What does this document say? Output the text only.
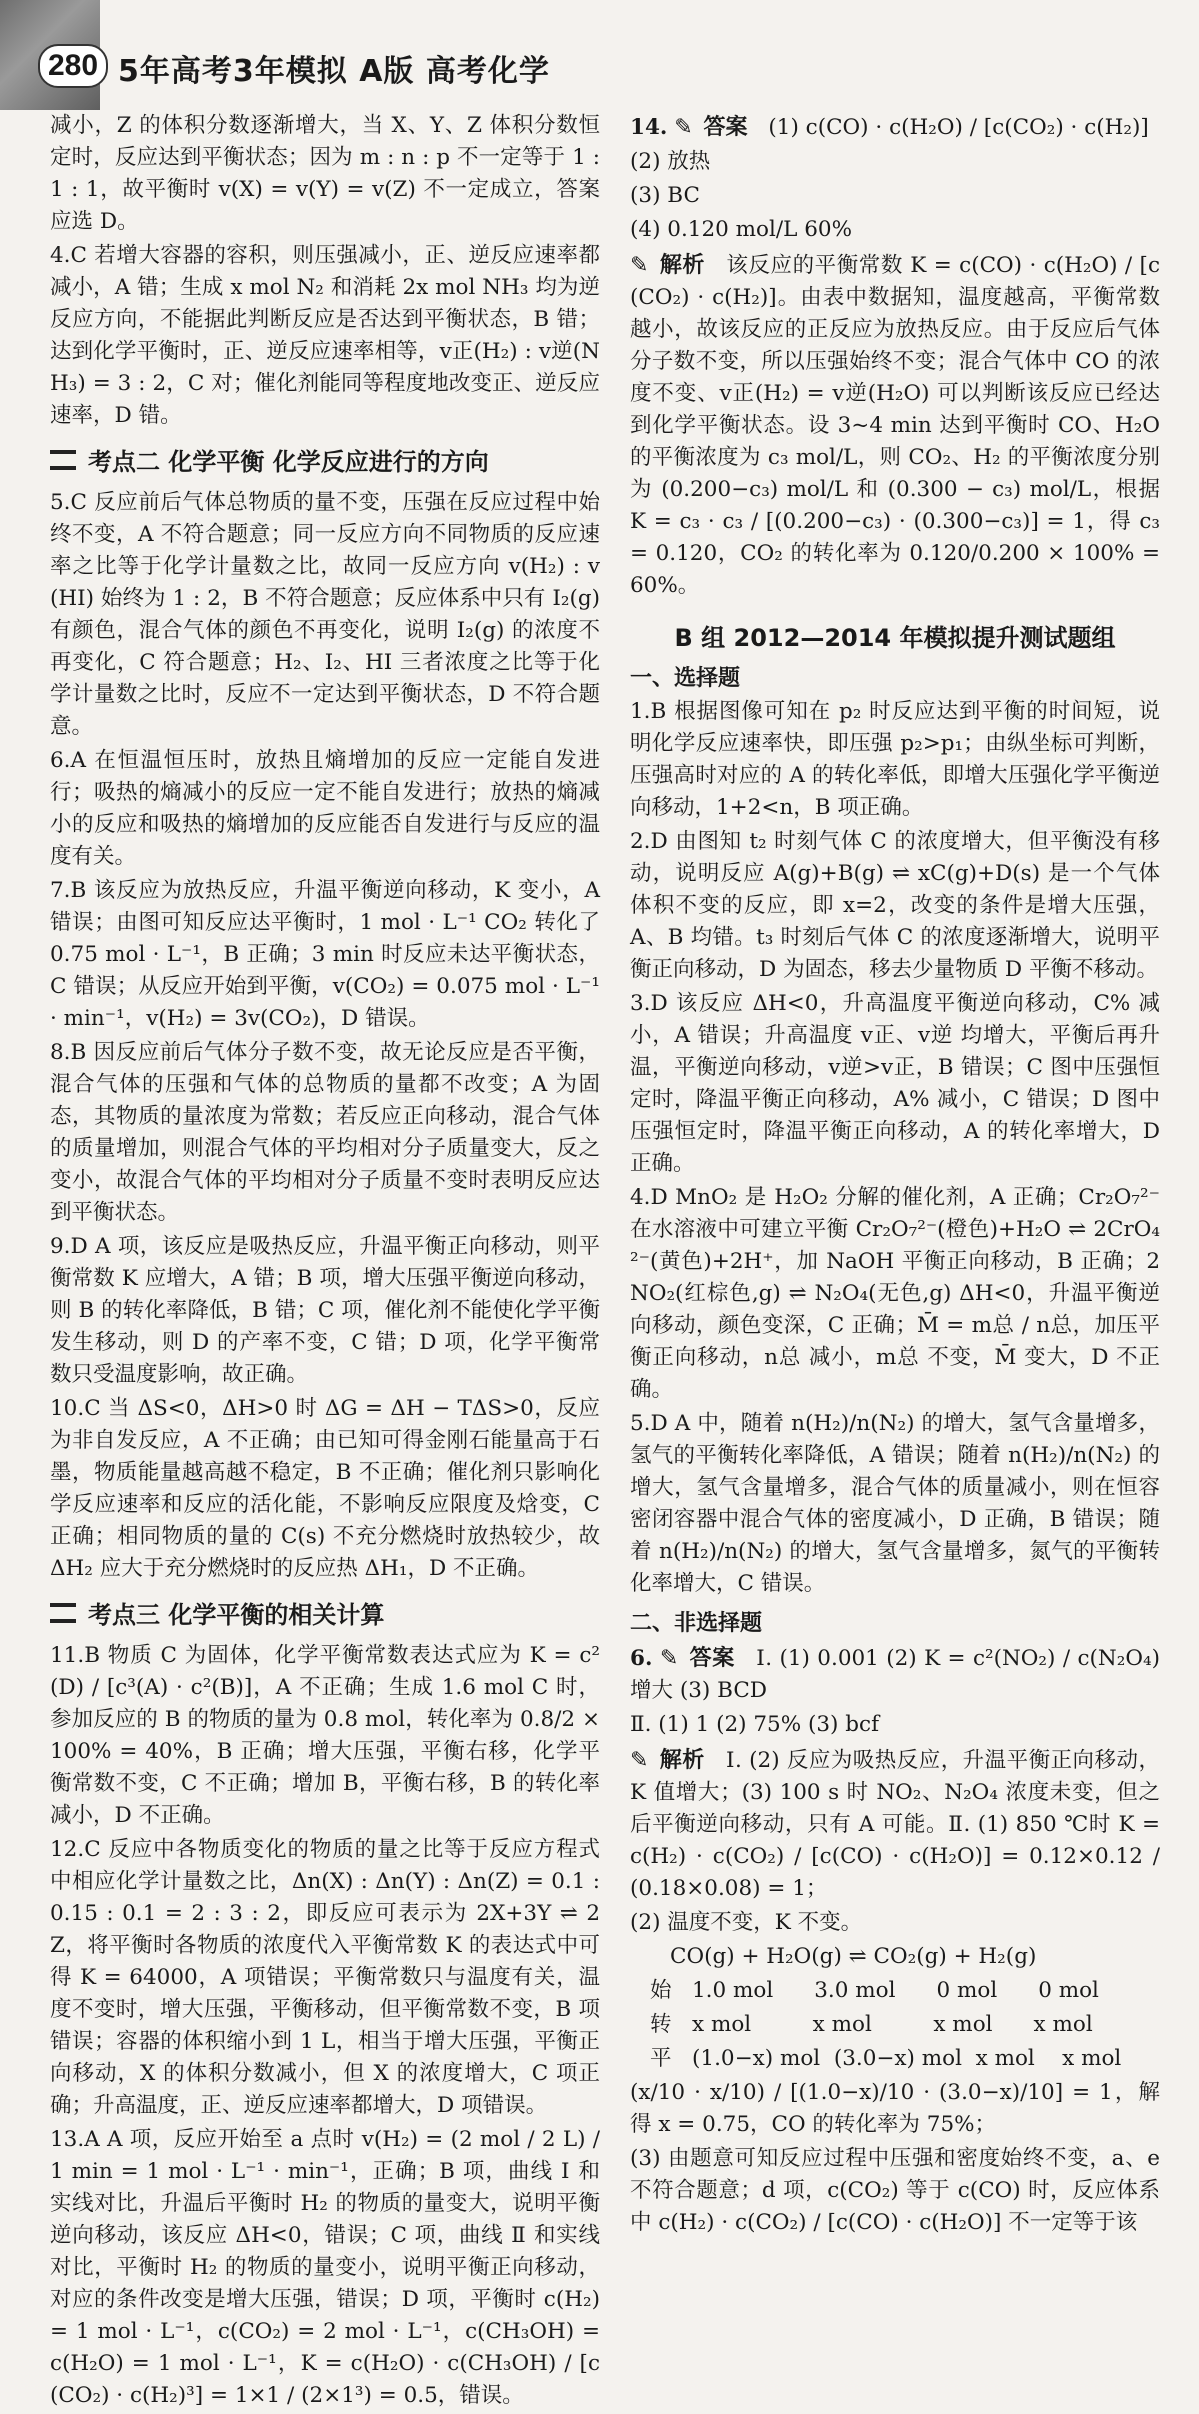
280 5年高考3年模拟 A版 高考化学

减小，Z 的体积分数逐渐增大，当 X、Y、Z 体积分数恒定时，反应达到平衡状态；因为 m : n : p 不一定等于 1 : 1 : 1，故平衡时 v(X) = v(Y) = v(Z) 不一定成立，答案应选 D。

4.C 若增大容器的容积，则压强减小，正、逆反应速率都减小，A 错；生成 x mol N₂ 和消耗 2x mol NH₃ 均为逆反应方向，不能据此判断反应是否达到平衡状态，B 错；达到化学平衡时，正、逆反应速率相等，v正(H₂) : v逆(NH₃) = 3 : 2，C 对；催化剂能同等程度地改变正、逆反应速率，D 错。

考点二 化学平衡 化学反应进行的方向

5.C 反应前后气体总物质的量不变，压强在反应过程中始终不变，A 不符合题意；同一反应方向不同物质的反应速率之比等于化学计量数之比，故同一反应方向 v(H₂) : v(HI) 始终为 1 : 2，B 不符合题意；反应体系中只有 I₂(g) 有颜色，混合气体的颜色不再变化，说明 I₂(g) 的浓度不再变化，C 符合题意；H₂、I₂、HI 三者浓度之比等于化学计量数之比时，反应不一定达到平衡状态，D 不符合题意。

6.A 在恒温恒压时，放热且熵增加的反应一定能自发进行；吸热的熵减小的反应一定不能自发进行；放热的熵减小的反应和吸热的熵增加的反应能否自发进行与反应的温度有关。

7.B 该反应为放热反应，升温平衡逆向移动，K 变小，A 错误；由图可知反应达平衡时，1 mol · L⁻¹ CO₂ 转化了 0.75 mol · L⁻¹，B 正确；3 min 时反应未达平衡状态，C 错误；从反应开始到平衡，v(CO₂) = 0.075 mol · L⁻¹ · min⁻¹，v(H₂) = 3v(CO₂)，D 错误。

8.B 因反应前后气体分子数不变，故无论反应是否平衡，混合气体的压强和气体的总物质的量都不改变；A 为固态，其物质的量浓度为常数；若反应正向移动，混合气体的质量增加，则混合气体的平均相对分子质量变大，反之变小，故混合气体的平均相对分子质量不变时表明反应达到平衡状态。

9.D A 项，该反应是吸热反应，升温平衡正向移动，则平衡常数 K 应增大，A 错；B 项，增大压强平衡逆向移动，则 B 的转化率降低，B 错；C 项，催化剂不能使化学平衡发生移动，则 D 的产率不变，C 错；D 项，化学平衡常数只受温度影响，故正确。

10.C 当 ΔS<0，ΔH>0 时 ΔG = ΔH − TΔS>0，反应为非自发反应，A 不正确；由已知可得金刚石能量高于石墨，物质能量越高越不稳定，B 不正确；催化剂只影响化学反应速率和反应的活化能，不影响反应限度及焓变，C 正确；相同物质的量的 C(s) 不充分燃烧时放热较少，故 ΔH₂ 应大于充分燃烧时的反应热 ΔH₁，D 不正确。

考点三 化学平衡的相关计算

11.B 物质 C 为固体，化学平衡常数表达式应为 K = c²(D) / [c³(A) · c²(B)]，A 不正确；生成 1.6 mol C 时，参加反应的 B 的物质的量为 0.8 mol，转化率为 0.8/2 × 100% = 40%，B 正确；增大压强，平衡右移，化学平衡常数不变，C 不正确；增加 B，平衡右移，B 的转化率减小，D 不正确。

12.C 反应中各物质变化的物质的量之比等于反应方程式中相应化学计量数之比，Δn(X) : Δn(Y) : Δn(Z) = 0.1 : 0.15 : 0.1 = 2 : 3 : 2，即反应可表示为 2X+3Y ⇌ 2Z，将平衡时各物质的浓度代入平衡常数 K 的表达式中可得 K = 64000，A 项错误；平衡常数只与温度有关，温度不变时，增大压强，平衡移动，但平衡常数不变，B 项错误；容器的体积缩小到 1 L，相当于增大压强，平衡正向移动，X 的体积分数减小，但 X 的浓度增大，C 项正确；升高温度，正、逆反应速率都增大，D 项错误。

13.A A 项，反应开始至 a 点时 v(H₂) = (2 mol / 2 L) / 1 min = 1 mol · L⁻¹ · min⁻¹，正确；B 项，曲线 Ⅰ 和实线对比，升温后平衡时 H₂ 的物质的量变大，说明平衡逆向移动，该反应 ΔH<0，错误；C 项，曲线 Ⅱ 和实线对比，平衡时 H₂ 的物质的量变小，说明平衡正向移动，对应的条件改变是增大压强，错误；D 项，平衡时 c(H₂) = 1 mol · L⁻¹，c(CO₂) = 2 mol · L⁻¹，c(CH₃OH) = c(H₂O) = 1 mol · L⁻¹，K = c(H₂O) · c(CH₃OH) / [c(CO₂) · c(H₂)³] = 1×1 / (2×1³) = 0.5，错误。

14. ✎ 答案 (1) c(CO) · c(H₂O) / [c(CO₂) · c(H₂)]

(2) 放热

(3) BC

(4) 0.120 mol/L 60%

✎ 解析 该反应的平衡常数 K = c(CO) · c(H₂O) / [c(CO₂) · c(H₂)]。由表中数据知，温度越高，平衡常数越小，故该反应的正反应为放热反应。由于反应后气体分子数不变，所以压强始终不变；混合气体中 CO 的浓度不变、v正(H₂) = v逆(H₂O) 可以判断该反应已经达到化学平衡状态。设 3~4 min 达到平衡时 CO、H₂O 的平衡浓度为 c₃ mol/L，则 CO₂、H₂ 的平衡浓度分别为 (0.200−c₃) mol/L 和 (0.300 − c₃) mol/L，根据 K = c₃ · c₃ / [(0.200−c₃) · (0.300−c₃)] = 1，得 c₃ = 0.120，CO₂ 的转化率为 0.120/0.200 × 100% = 60%。

B 组 2012—2014 年模拟提升测试题组
一、选择题

1.B 根据图像可知在 p₂ 时反应达到平衡的时间短，说明化学反应速率快，即压强 p₂>p₁；由纵坐标可判断，压强高时对应的 A 的转化率低，即增大压强化学平衡逆向移动，1+2<n，B 项正确。

2.D 由图知 t₂ 时刻气体 C 的浓度增大，但平衡没有移动，说明反应 A(g)+B(g) ⇌ xC(g)+D(s) 是一个气体体积不变的反应，即 x=2，改变的条件是增大压强，A、B 均错。t₃ 时刻后气体 C 的浓度逐渐增大，说明平衡正向移动，D 为固态，移去少量物质 D 平衡不移动。

3.D 该反应 ΔH<0，升高温度平衡逆向移动，C% 减小，A 错误；升高温度 v正、v逆 均增大，平衡后再升温，平衡逆向移动，v逆>v正，B 错误；C 图中压强恒定时，降温平衡正向移动，A% 减小，C 错误；D 图中压强恒定时，降温平衡正向移动，A 的转化率增大，D 正确。

4.D MnO₂ 是 H₂O₂ 分解的催化剂，A 正确；Cr₂O₇²⁻ 在水溶液中可建立平衡 Cr₂O₇²⁻(橙色)+H₂O ⇌ 2CrO₄²⁻(黄色)+2H⁺，加 NaOH 平衡正向移动，B 正确；2NO₂(红棕色,g) ⇌ N₂O₄(无色,g) ΔH<0，升温平衡逆向移动，颜色变深，C 正确；M̄ = m总 / n总，加压平衡正向移动，n总 减小，m总 不变，M̄ 变大，D 不正确。

5.D A 中，随着 n(H₂)/n(N₂) 的增大，氢气含量增多，氢气的平衡转化率降低，A 错误；随着 n(H₂)/n(N₂) 的增大，氢气含量增多，混合气体的质量减小，则在恒容密闭容器中混合气体的密度减小，D 正确，B 错误；随着 n(H₂)/n(N₂) 的增大，氢气含量增多，氮气的平衡转化率增大，C 错误。

二、非选择题

6. ✎ 答案 Ⅰ. (1) 0.001 (2) K = c²(NO₂) / c(N₂O₄) 增大 (3) BCD

Ⅱ. (1) 1 (2) 75% (3) bcf

✎ 解析 Ⅰ. (2) 反应为吸热反应，升温平衡正向移动，K 值增大；(3) 100 s 时 NO₂、N₂O₄ 浓度未变，但之后平衡逆向移动，只有 A 可能。Ⅱ. (1) 850 ℃时 K = c(H₂) · c(CO₂) / [c(CO) · c(H₂O)] = 0.12×0.12 / (0.18×0.08) = 1；

(2) 温度不变，K 不变。

CO(g) + H₂O(g) ⇌ CO₂(g) + H₂(g)

始   1.0 mol      3.0 mol      0 mol      0 mol

转   x mol         x mol         x mol      x mol

平   (1.0−x) mol  (3.0−x) mol  x mol    x mol

(x/10 · x/10) / [(1.0−x)/10 · (3.0−x)/10] = 1，解得 x = 0.75，CO 的转化率为 75%；

(3) 由题意可知反应过程中压强和密度始终不变，a、e 不符合题意；d 项，c(CO₂) 等于 c(CO) 时，反应体系中 c(H₂) · c(CO₂) / [c(CO) · c(H₂O)] 不一定等于该
